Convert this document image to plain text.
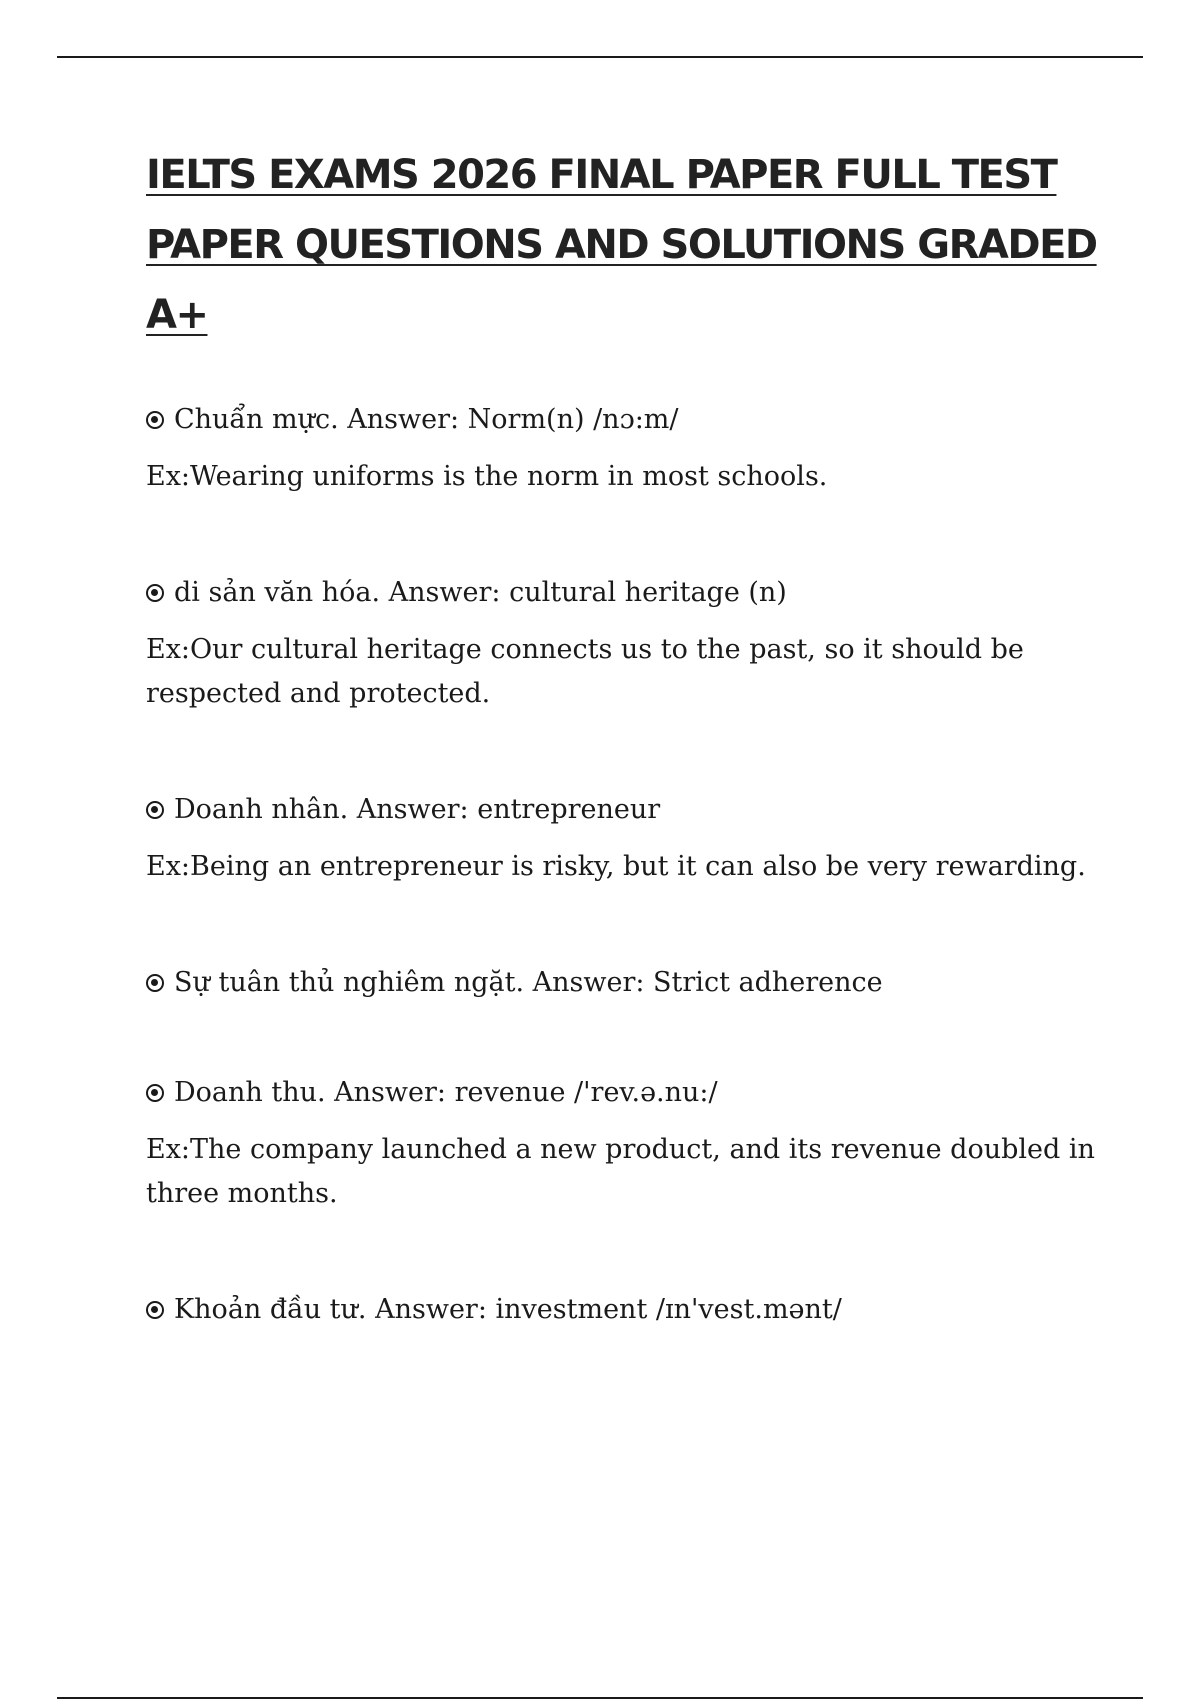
IELTS EXAMS 2026 FINAL PAPER FULL TEST PAPER QUESTIONS AND SOLUTIONS GRADED A+

Chuẩn mực. Answer: Norm(n) /nɔ:m/

Ex:Wearing uniforms is the norm in most schools.

di sản văn hóa. Answer: cultural heritage (n)

Ex:Our cultural heritage connects us to the past, so it should be respected and protected.

Doanh nhân. Answer: entrepreneur

Ex:Being an entrepreneur is risky, but it can also be very rewarding.

Sự tuân thủ nghiêm ngặt. Answer: Strict adherence

Doanh thu. Answer: revenue /'rev.ə.nu:/

Ex:The company launched a new product, and its revenue doubled in three months.

Khoản đầu tư. Answer: investment /ɪn'vest.mənt/
